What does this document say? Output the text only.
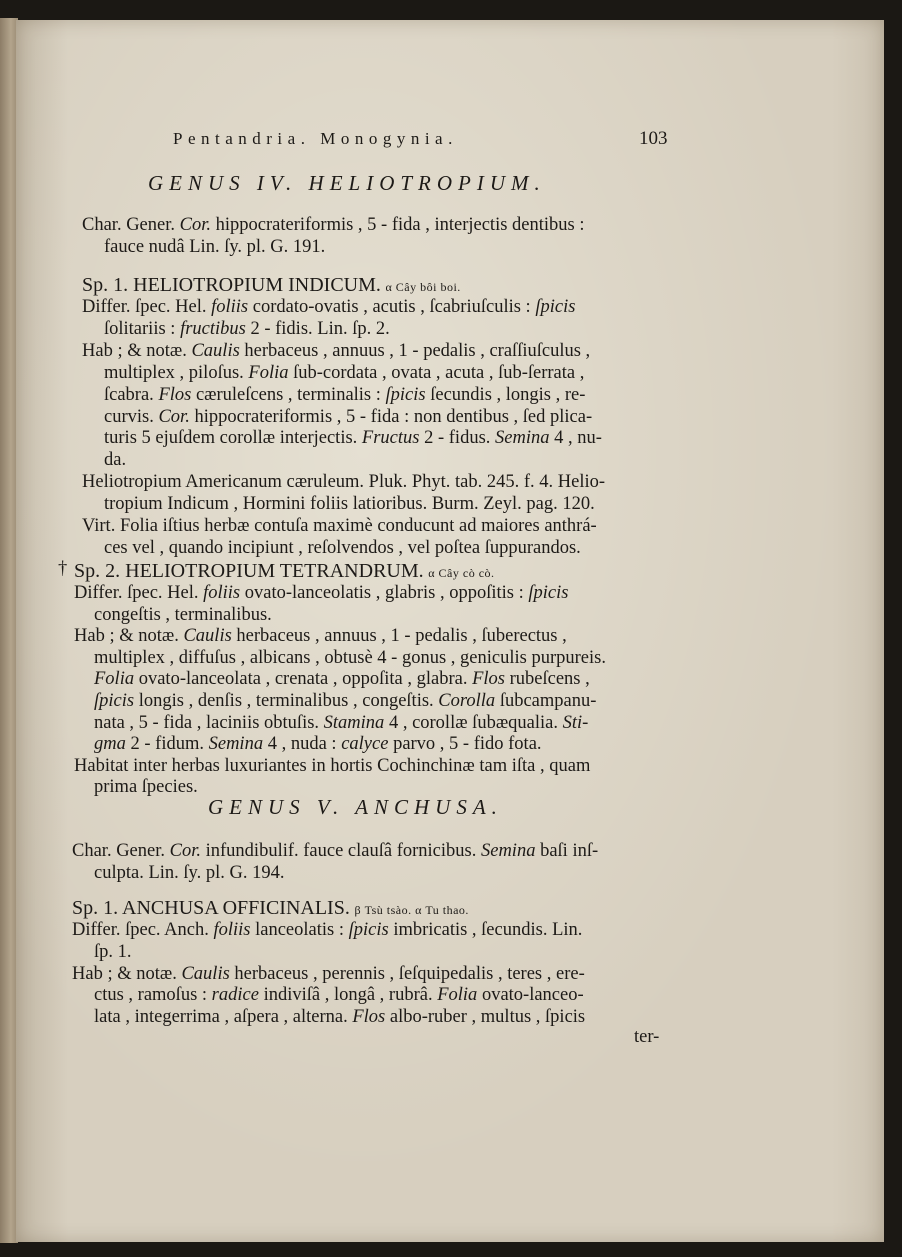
Pentandria. Monogynia.	103
GENUS IV. HELIOTROPIUM.
Char. Gener. Cor. hippocrateriformis , 5 - fida , interjectis dentibus :
fauce nudâ Lin. ſy. pl. G. 191.
Sp. 1. HELIOTROPIUM INDICUM. α Cây bôi boi.
Differ. ſpec. Hel. foliis cordato-ovatis , acutis , ſcabriuſculis : ſpicis
ſolitariis : fructibus 2 - fidis. Lin. ſp. 2.
Hab ; & notæ. Caulis herbaceus , annuus , 1 - pedalis , craſſiuſculus ,
multiplex , piloſus. Folia ſub-cordata , ovata , acuta , ſub-ſerrata ,
ſcabra. Flos cæruleſcens , terminalis : ſpicis ſecundis , longis , re-
curvis. Cor. hippocrateriformis , 5 - fida : non dentibus , ſed plica-
turis 5 ejuſdem corollæ interjectis. Fructus 2 - fidus. Semina 4 , nu-
da.
Heliotropium Americanum cæruleum. Pluk. Phyt. tab. 245. f. 4. Helio-
tropium Indicum , Hormini foliis latioribus. Burm. Zeyl. pag. 120.
Virt. Folia iſtius herbæ contuſa maximè conducunt ad maiores anthrá-
ces vel , quando incipiunt , reſolvendos , vel poſtea ſuppurandos.
† Sp. 2. HELIOTROPIUM TETRANDRUM. α Cây cò cò.
Differ. ſpec. Hel. foliis ovato-lanceolatis , glabris , oppoſitis : ſpicis
congeſtis , terminalibus.
Hab ; & notæ. Caulis herbaceus , annuus , 1 - pedalis , ſuberectus ,
multiplex , diffuſus , albicans , obtusè 4 - gonus , geniculis purpureis.
Folia ovato-lanceolata , crenata , oppoſita , glabra. Flos rubeſcens ,
ſpicis longis , denſis , terminalibus , congeſtis. Corolla ſubcampanu-
nata , 5 - fida , laciniis obtuſis. Stamina 4 , corollæ ſubæqualia. Sti-
gma 2 - fidum. Semina 4 , nuda : calyce parvo , 5 - fido fota.
Habitat inter herbas luxuriantes in hortis Cochinchinæ tam iſta , quam
prima ſpecies.
GENUS V. ANCHUSA.
Char. Gener. Cor. infundibulif. fauce clauſâ fornicibus. Semina baſi inſ-
culpta. Lin. ſy. pl. G. 194.
Sp. 1. ANCHUSA OFFICINALIS. β Tsù tsào. α Tu thao.
Differ. ſpec. Anch. foliis lanceolatis : ſpicis imbricatis , ſecundis. Lin.
ſp. 1.
Hab ; & notæ. Caulis herbaceus , perennis , ſeſquipedalis , teres , ere-
ctus , ramoſus : radice indiviſâ , longâ , rubrâ. Folia ovato-lanceo-
lata , integerrima , aſpera , alterna. Flos albo-ruber , multus , ſpicis
ter-
